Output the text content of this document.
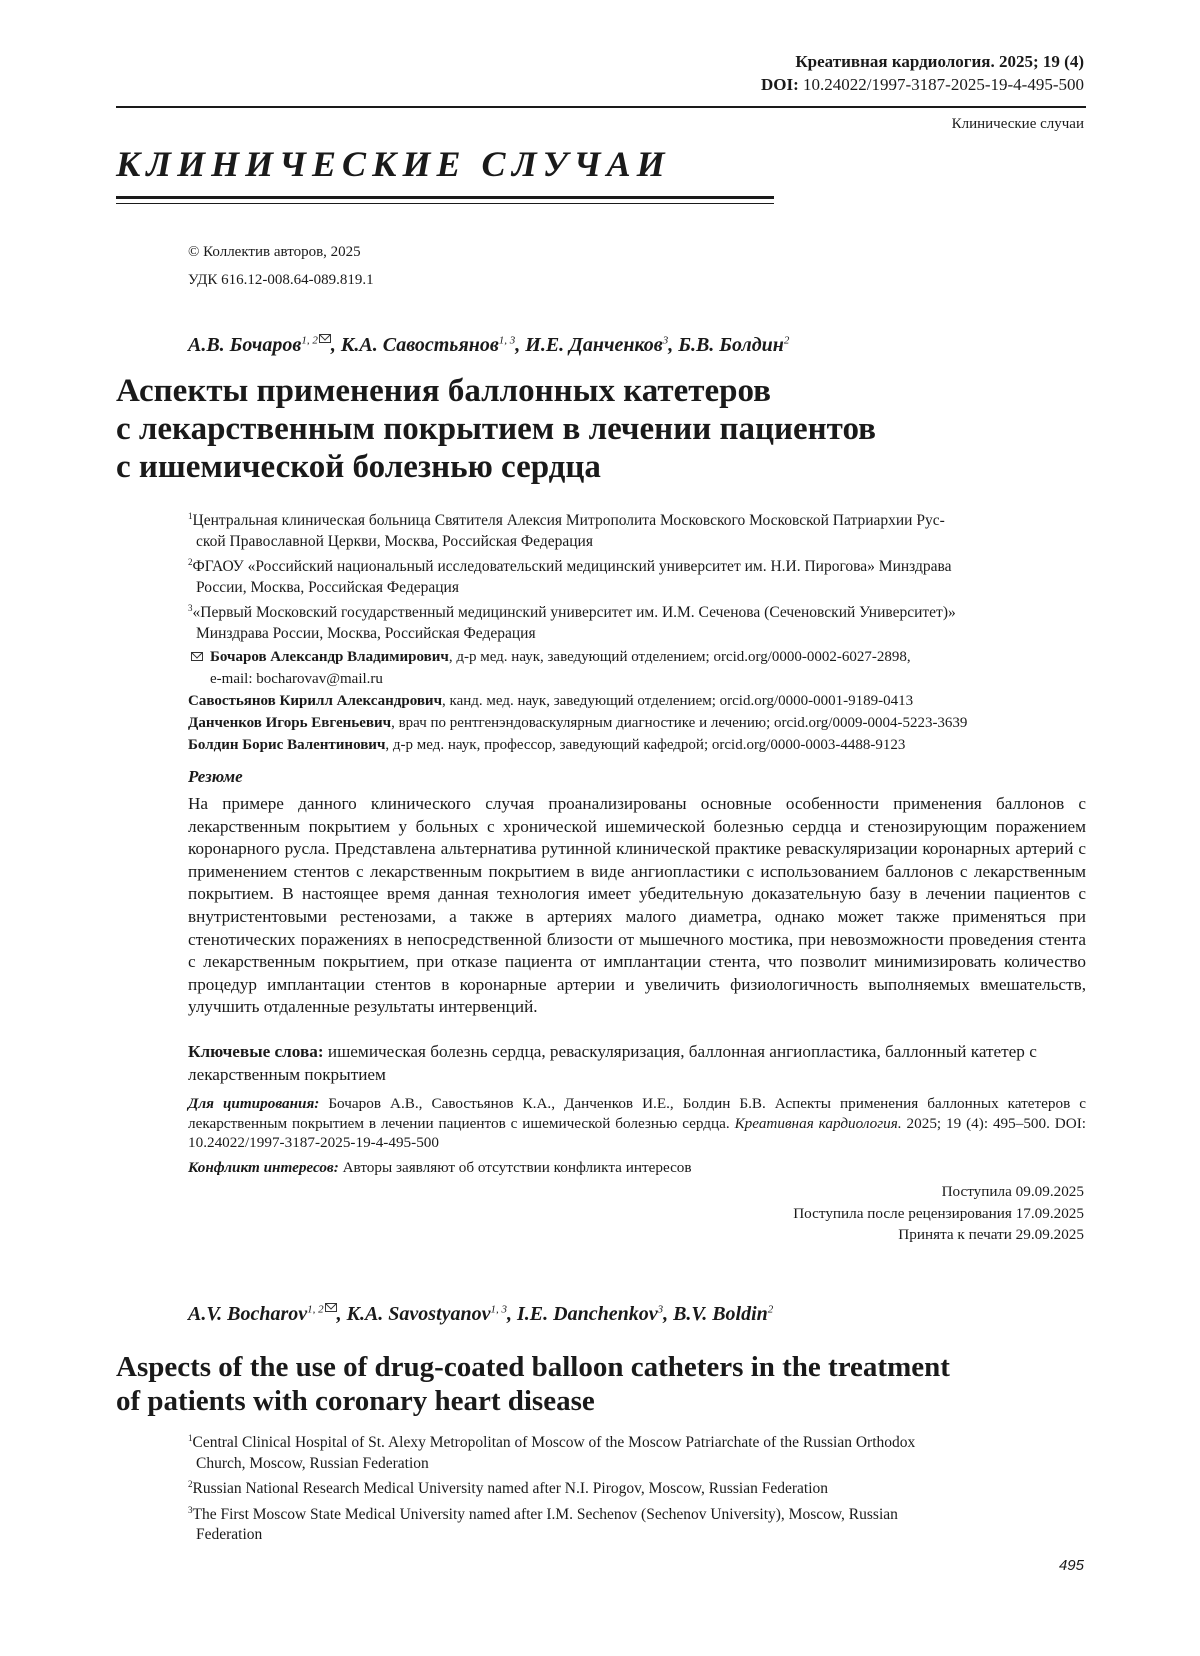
Креативная кардиология. 2025; 19 (4)
DOI: 10.24022/1997-3187-2025-19-4-495-500
Клинические случаи
КЛИНИЧЕСКИЕ СЛУЧАИ
© Коллектив авторов, 2025
УДК 616.12-008.64-089.819.1
А.В. Бочаров1, 2 , К.А. Савостьянов1, 3, И.Е. Данченков3, Б.В. Болдин2
Аспекты применения баллонных катетеров
с лекарственным покрытием в лечении пациентов
с ишемической болезнью сердца
1Центральная клиническая больница Святителя Алексия Митрополита Московского Московской Патриархии Рус-
ской Православной Церкви, Москва, Российская Федерация
2ФГАОУ «Российский национальный исследовательский медицинский университет им. Н.И. Пирогова» Минздрава
России, Москва, Российская Федерация
3«Первый Московский государственный медицинский университет им. И.М. Сеченова (Сеченовский Университет)»
Минздрава России, Москва, Российская Федерация
Бочаров Александр Владимирович, д-р мед. наук, заведующий отделением; orcid.org/0000-0002-6027-2898,
e-mail: bocharovav@mail.ru
Савостьянов Кирилл Александрович, канд. мед. наук, заведующий отделением; orcid.org/0000-0001-9189-0413
Данченков Игорь Евгеньевич, врач по рентгенэндоваскулярным диагностике и лечению; orcid.org/0009-0004-5223-3639
Болдин Борис Валентинович, д-р мед. наук, профессор, заведующий кафедрой; orcid.org/0000-0003-4488-9123
Резюме
На примере данного клинического случая проанализированы основные особенности применения баллонов с лекарственным покрытием у больных с хронической ишемической болезнью сердца и стенозирующим поражением коронарного русла. Представлена альтернатива рутинной клинической практике реваскуляризации коронарных артерий с применением стентов с лекарственным покрытием в виде ангиопластики с использованием баллонов с лекарственным покрытием. В настоящее время данная технология имеет убедительную доказательную базу в лечении пациентов с внутристентовыми рестенозами, а также в артериях малого диаметра, однако может также применяться при стенотических поражениях в непосредственной близости от мышечного мостика, при невозможности проведения стента с лекарственным покрытием, при отказе пациента от имплантации стента, что позволит минимизировать количество процедур имплантации стентов в коронарные артерии и увеличить физиологичность выполняемых вмешательств, улучшить отдаленные результаты интервенций.
Ключевые слова: ишемическая болезнь сердца, реваскуляризация, баллонная ангиопластика, баллонный катетер с лекарственным покрытием
Для цитирования: Бочаров А.В., Савостьянов К.А., Данченков И.Е., Болдин Б.В. Аспекты применения баллонных катетеров с лекарственным покрытием в лечении пациентов с ишемической болезнью сердца. Креативная кардиология. 2025; 19 (4): 495–500. DOI: 10.24022/1997-3187-2025-19-4-495-500
Конфликт интересов: Авторы заявляют об отсутствии конфликта интересов
Поступила 09.09.2025
Поступила после рецензирования 17.09.2025
Принята к печати 29.09.2025
A.V. Bocharov1, 2 , K.A. Savostyanov1, 3, I.E. Danchenkov3, B.V. Boldin2
Aspects of the use of drug-coated balloon catheters in the treatment
of patients with coronary heart disease
1Central Clinical Hospital of St. Alexy Metropolitan of Moscow of the Moscow Patriarchate of the Russian Orthodox
Church, Moscow, Russian Federation
2Russian National Research Medical University named after N.I. Pirogov, Moscow, Russian Federation
3The First Moscow State Medical University named after I.M. Sechenov (Sechenov University), Moscow, Russian
Federation
495
